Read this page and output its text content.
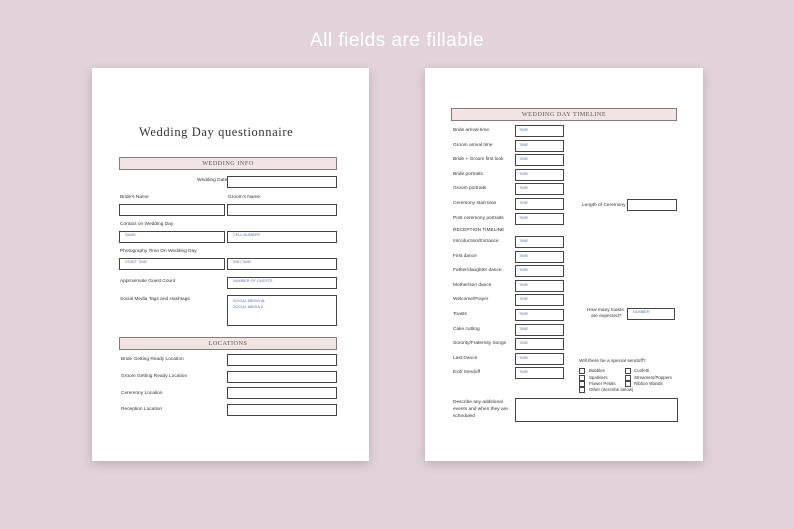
All fields are fillable
Wedding Day questionnaire
WEDDING INFO
Wedding Date
Bride's Name	Groom's Name
Contact on Wedding Day
NAME	CELL NUMBER
Photography Time On Wedding Day
START TIME	END TIME
Approximate Guest Count	NUMBER OF GUESTS
Social Media Tags and Hashtags	SOCIAL MEDIA @
SOCIAL MEDIA #
LOCATIONS
Bride Getting Ready Location
Groom Getting Ready Location
Ceremony Location
Reception Location
WEDDING DAY TIMELINE
Bride arrival time	TIME
Groom arrival time	TIME
Bride + Groom first look	TIME
Bride portraits	TIME
Groom portraits	TIME
Ceremony start time	TIME
Post ceremony portraits	TIME
RECEPTION TIMELINE
Introduction/Entrance	TIME
First dance	TIME
Father/daughter dance	TIME
Mother/son dance	TIME
Welcome/Prayer	TIME
Toasts	TIME
Cake cutting	TIME
Sorority/Fraternity Songs	TIME
Last Dance	TIME
Exit/ Sendoff	TIME
Length of Ceremony
How many toasts
are expected?
NUMBER
Will there be a special sendoff?
Bubbles	Confetti
Sparklers	Streamers/Poppers
Flower Petals	Ribbon Wands
Other (describe below)
Describe any additional
events and when they are
scheduled
